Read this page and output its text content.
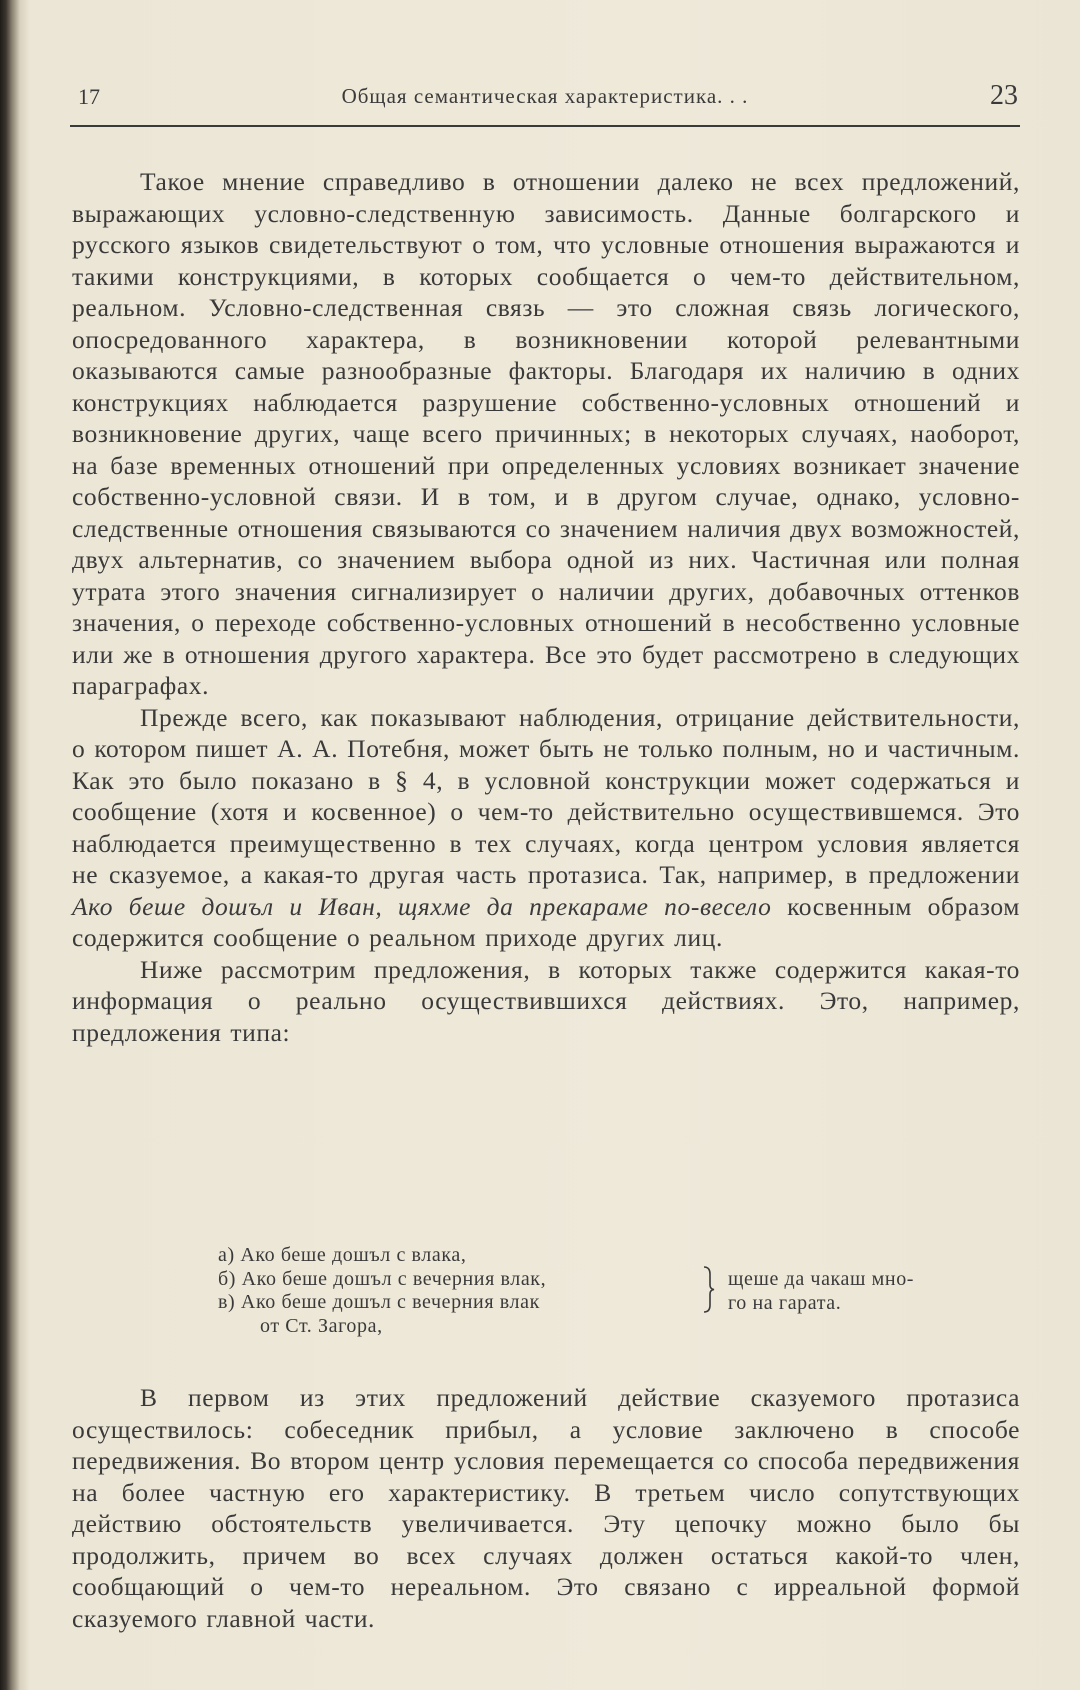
17	Общая семантическая характеристика. . .	23

Такое мнение справедливо в отношении далеко не всех предложений, выражающих условно-следственную зависимость. Данные болгарского и русского языков свидетельствуют о том, что условные отношения выражаются и такими конструкциями, в которых сообщается о чем-то действительном, реальном. Условно-следственная связь — это сложная связь логического, опосредованного характера, в возникновении которой релевантными оказываются самые разнообразные факторы. Благодаря их наличию в одних конструкциях наблюдается разрушение собственно-условных отношений и возникновение других, чаще всего причинных; в некоторых случаях, наоборот, на базе временных отношений при определенных условиях возникает значение собственно-условной связи. И в том, и в другом случае, однако, условно-следственные отношения связываются со значением наличия двух возможностей, двух альтернатив, со значением выбора одной из них. Частичная или полная утрата этого значения сигнализирует о наличии других, добавочных оттенков значения, о переходе собственно-условных отношений в несобственно условные или же в отношения другого характера. Все это будет рассмотрено в следующих параграфах.

Прежде всего, как показывают наблюдения, отрицание действительности, о котором пишет А. А. Потебня, может быть не только полным, но и частичным. Как это было показано в § 4, в условной конструкции может содержаться и сообщение (хотя и косвенное) о чем-то действительно осуществившемся. Это наблюдается преимущественно в тех случаях, когда центром условия является не сказуемое, а какая-то другая часть протазиса. Так, например, в предложении Ако беше дошъл и Иван, щяхме да прекараме по-весело косвенным образом содержится сообщение о реальном приходе других лиц.

Ниже рассмотрим предложения, в которых также содержится какая-то информация о реально осуществившихся действиях. Это, например, предложения типа:

а) Ако беше дошъл с влака,
б) Ако беше дошъл с вечерния влак,
в) Ако беше дошъл с вечерния влак
от Ст. Загора,
щеше да чакаш мно-
го на гарата.

В первом из этих предложений действие сказуемого протазиса осуществилось: собеседник прибыл, а условие заключено в способе передвижения. Во втором центр условия перемещается со способа передвижения на более частную его характеристику. В третьем число сопутствующих действию обстоятельств увеличивается. Эту цепочку можно было бы продолжить, причем во всех случаях должен остаться какой-то член, сообщающий о чем-то нереальном. Это связано с ирреальной формой сказуемого главной части.
